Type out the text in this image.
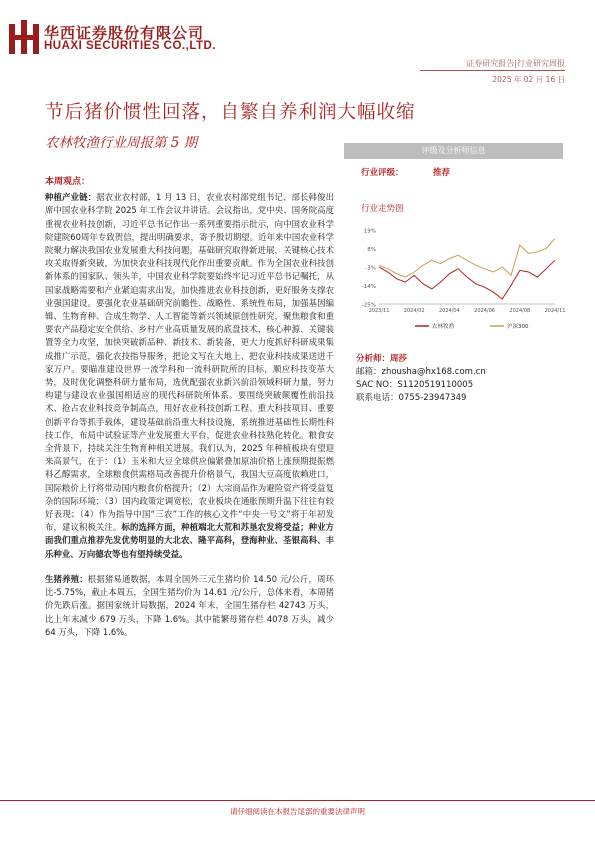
华西证券股份有限公司
HUAXI SECURITIES CO.,LTD.
证券研究报告|行业研究周报
2025 年 02 月 16 日
节后猪价惯性回落，自繁自养利润大幅收缩
农林牧渔行业周报第 5 期	评级及分析师信息
行业评级：	推荐
行业走势图
19%
8%
-3%
-14%
-25%
2023/11	2024/02	2024/04	2024/06	2024/08	2024/11
农林牧渔	沪深300
分析师：周莎
邮箱：zhousha@hx168.com.cn
SAC NO：S1120519110005
联系电话：0755-23947349

本周观点：

种植产业链：据农业农村部，1 月 13 日，农业农村部党组书记、部长韩俊出席中国农业科学院 2025 年工作会议并讲话。会议指出，党中央、国务院高度重视农业科技创新，习近平总书记作出一系列重要指示批示，向中国农业科学院建院60周年专致贺信，提出明确要求，寄予殷切期望。近年来中国农业科学院聚力解决我国农业发展重大科技问题，基础研究取得新进展，关键核心技术攻关取得新突破，为加快农业科技现代化作出重要贡献。作为全国农业科技创新体系的国家队、领头羊，中国农业科学院要始终牢记习近平总书记嘱托，从国家战略需要和产业紧迫需求出发，加快推进农业科技创新，更好服务支撑农业强国建设。要强化农业基础研究前瞻性、战略性、系统性布局，加强基因编辑、生物育种、合成生物学、人工智能等新兴领域原创性研究，聚焦粮食和重要农产品稳定安全供给、乡村产业高质量发展的底盘技术、核心种源、关键装置等全力攻坚，加快突破新品种、新技术、新装备，更大力度抓好科研成果集成推广示范，强化农技指导服务，把论文写在大地上、把农业科技成果送进千家万户。要瞄准建设世界一流学科和一流科研院所的目标，顺应科技变革大势，及时优化调整科研力量布局，选优配强农业新兴前沿领域科研力量，努力构建与建设农业强国相适应的现代科研院所体系。要围绕突破颠覆性前沿技术、抢占农业科技竞争制高点，用好农业科技创新工程、重大科技项目、重要创新平台等抓手载体，建设基础前沿重大科技设施，系统推进基础性长期性科技工作，布局中试验证等产业发展重大平台，促进农业科技熟化转化。粮食安全背景下，持续关注生物育种相关进展。我们认为，2025 年种植板块有望迎来高景气，在于：（1）玉米和大豆全球供应偏紧叠加原油价格上涨预期提振燃料乙醇需求，全球粮食供需格局改善提升价格景气，我国大豆高度依赖进口，国际粮价上行将带动国内粮食价格提升；（2）大宗商品作为避险资产将受益复杂的国际环境；（3）国内政策定调宽松，农业板块在通胀预期升温下往往有较好表现；（4）作为指导中国“三农”工作的核心文件“中央一号文”将于年初发布，建议积极关注。标的选择方面，种植端北大荒和苏垦农发将受益；种业方面我们重点推荐先发优势明显的大北农、隆平高科，登海种业、荃银高科、丰乐种业、万向德农等也有望持续受益。

生猪养殖：根据猪易通数据，本周全国外三元生猪均价 14.50 元/公斤，周环比-5.75%，截止本周五，全国生猪均价为 14.61 元/公斤，总体来看，本周猪价先跌后涨。据国家统计局数据，2024 年末，全国生猪存栏 42743 万头，比上年末减少 679 万头，下降 1.6%。其中能繁母猪存栏 4078 万头，减少 64 万头，下降 1.6%。

请仔细阅读在本报告尾部的重要法律声明
